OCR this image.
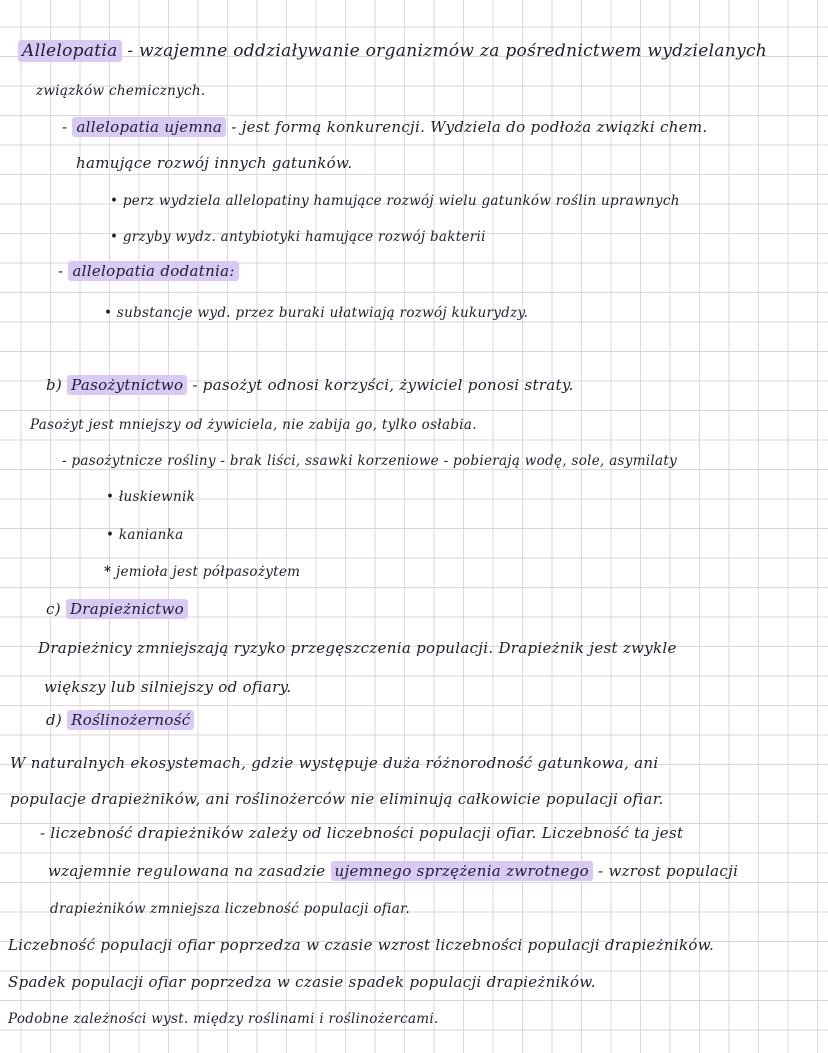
Allelopatia - wzajemne oddziaływanie organizmów za pośrednictwem wydzielanych
związków chemicznych.
- allelopatia ujemna - jest formą konkurencji. Wydziela do podłoża związki chem.
hamujące rozwój innych gatunków.
• perz wydziela allelopatiny hamujące rozwój wielu gatunków roślin uprawnych
• grzyby wydz. antybiotyki hamujące rozwój bakterii
- allelopatia dodatnia:
• substancje wyd. przez buraki ułatwiają rozwój kukurydzy.
b) Pasożytnictwo - pasożyt odnosi korzyści, żywiciel ponosi straty.
Pasożyt jest mniejszy od żywiciela, nie zabija go, tylko osłabia.
- pasożytnicze rośliny - brak liści, ssawki korzeniowe - pobierają wodę, sole, asymilaty
• łuskiewnik
• kanianka
* jemioła jest półpasożytem
c) Drapieżnictwo
Drapieżnicy zmniejszają ryzyko przegęszczenia populacji. Drapieżnik jest zwykle
większy lub silniejszy od ofiary.
d) Roślinożerność
W naturalnych ekosystemach, gdzie występuje duża różnorodność gatunkowa, ani
populacje drapieżników, ani roślinożerców nie eliminują całkowicie populacji ofiar.
- liczebność drapieżników zależy od liczebności populacji ofiar. Liczebność ta jest
wzajemnie regulowana na zasadzie ujemnego sprzężenia zwrotnego - wzrost populacji
drapieżników zmniejsza liczebność populacji ofiar.
Liczebność populacji ofiar poprzedza w czasie wzrost liczebności populacji drapieżników.
Spadek populacji ofiar poprzedza w czasie spadek populacji drapieżników.
Podobne zależności wyst. między roślinami i roślinożercami.
